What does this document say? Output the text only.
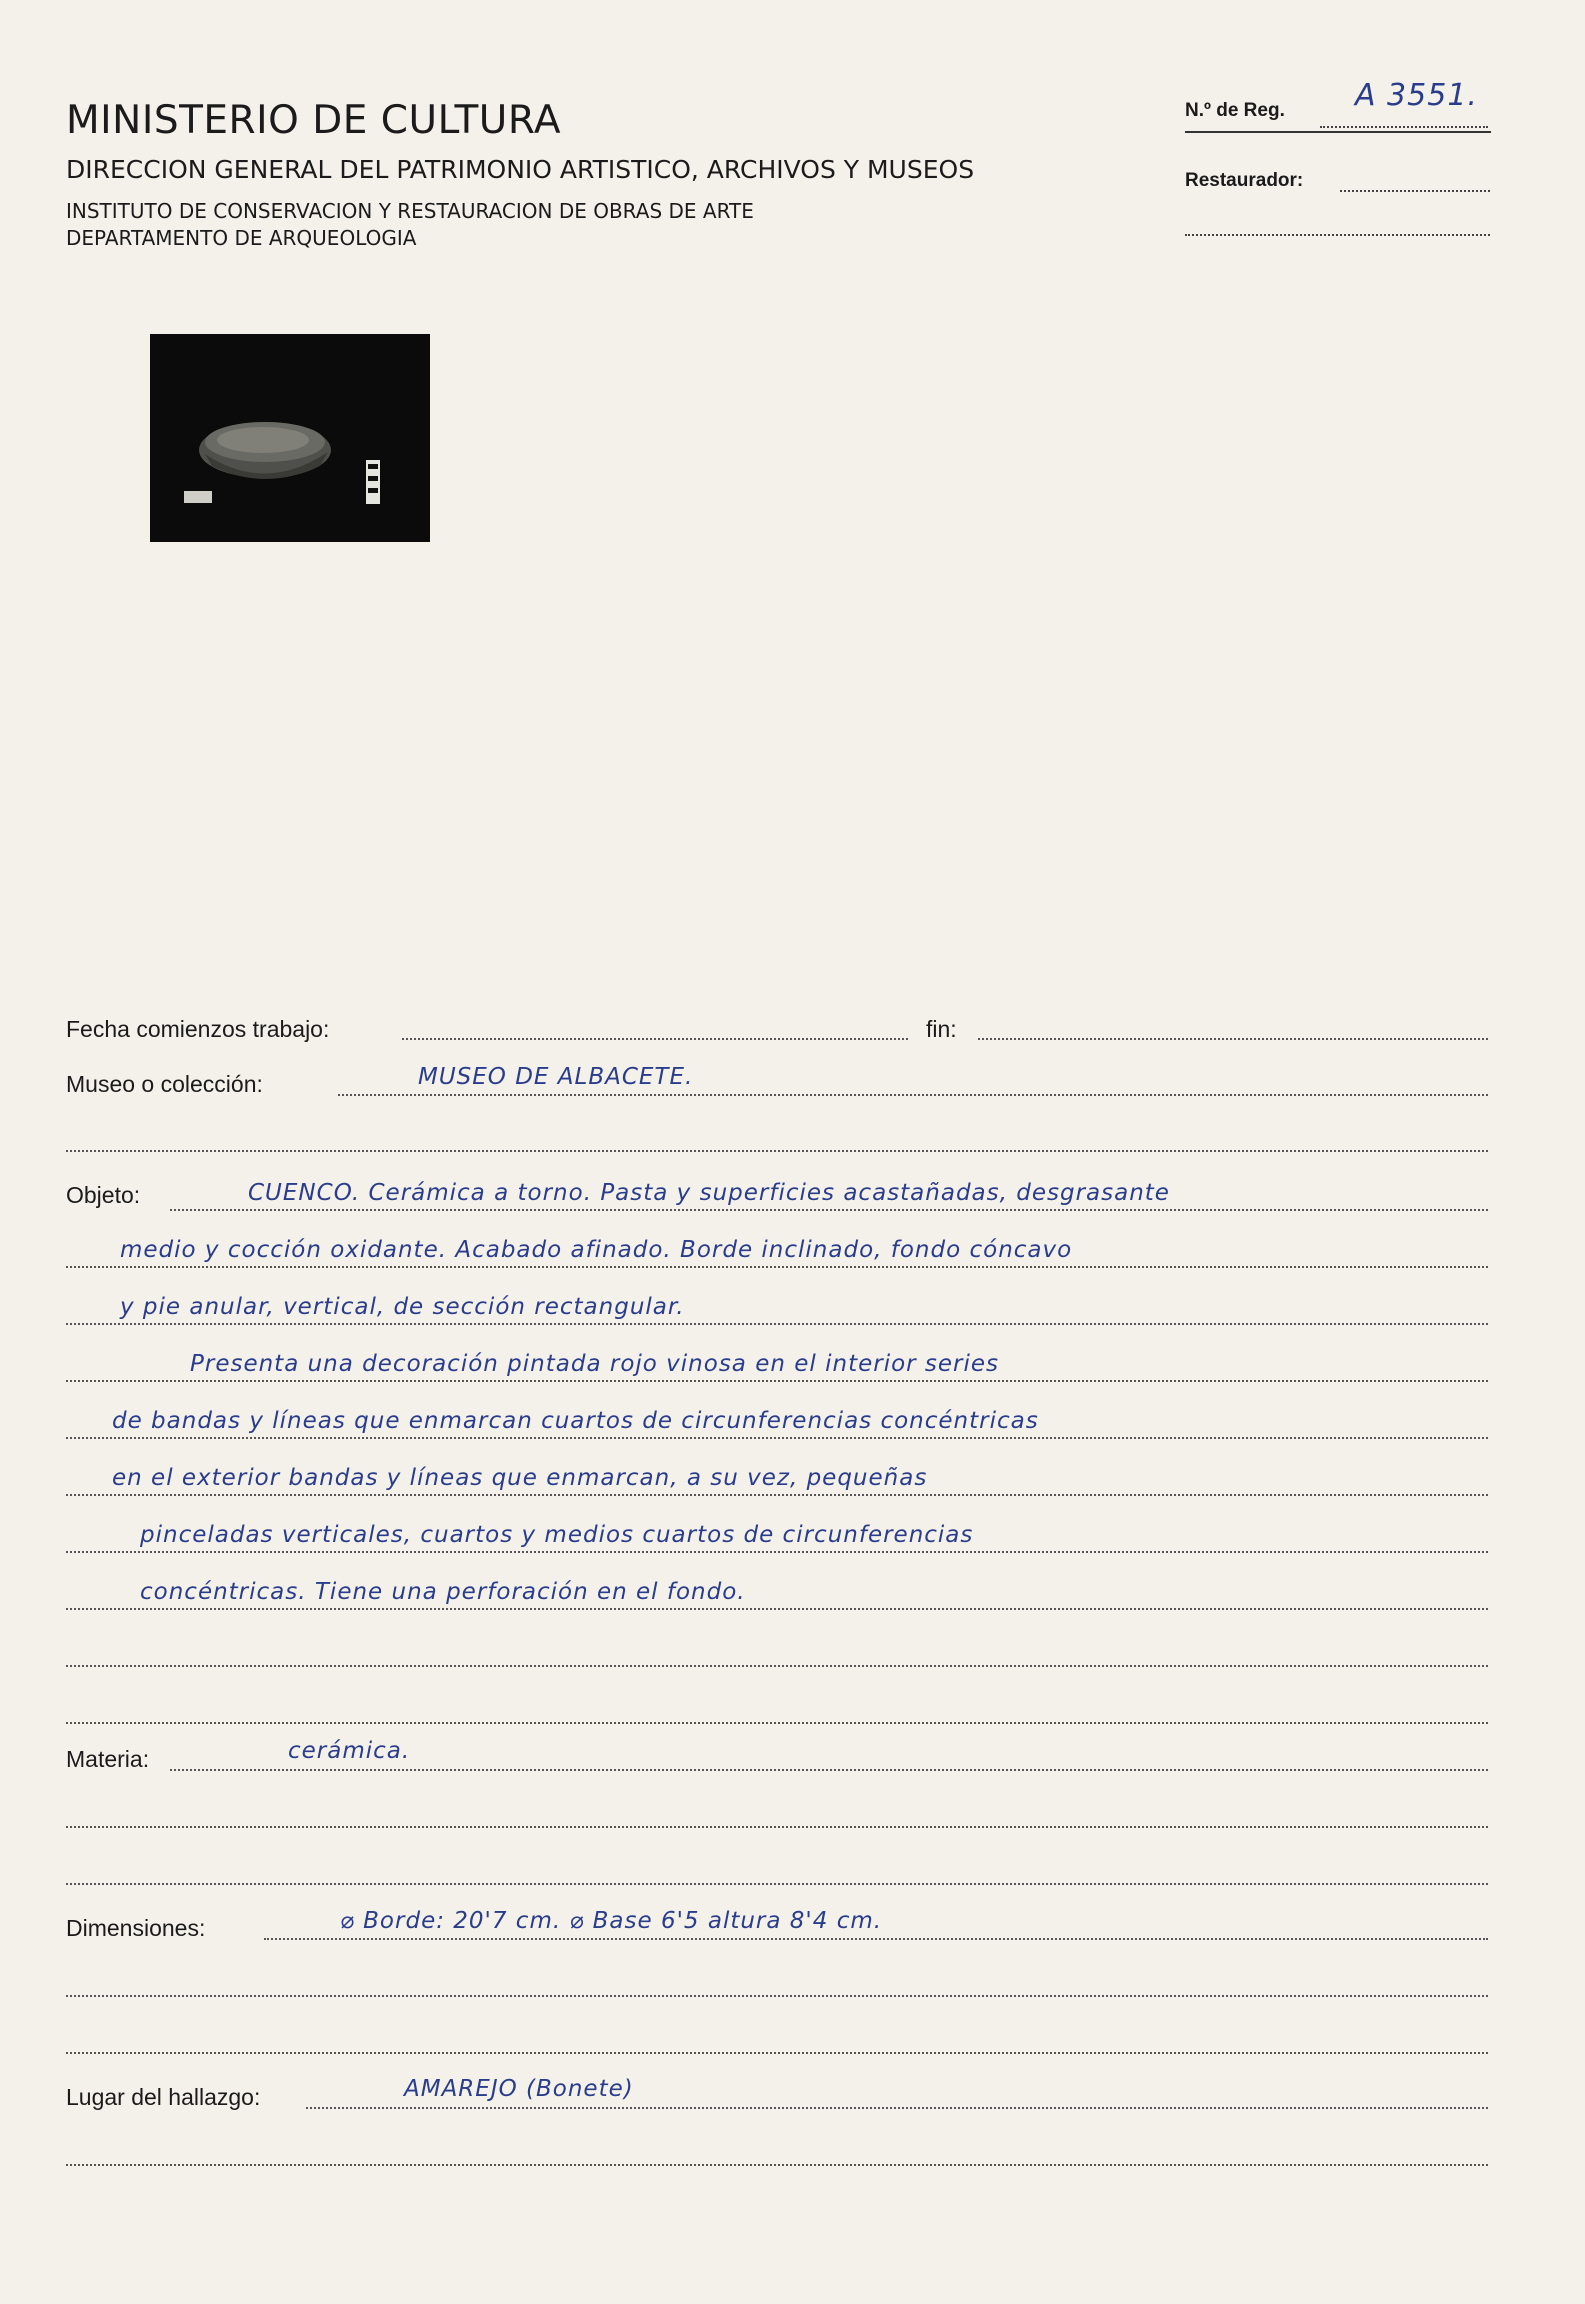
MINISTERIO DE CULTURA
DIRECCION GENERAL DEL PATRIMONIO ARTISTICO, ARCHIVOS Y MUSEOS
INSTITUTO DE CONSERVACION Y RESTAURACION DE OBRAS DE ARTE
DEPARTAMENTO DE ARQUEOLOGIA
N.º de Reg. A 3551.
Restaurador:
Fecha comienzos trabajo:	fin:
Museo o colección:	MUSEO DE ALBACETE.
Objeto:	CUENCO. Cerámica a torno. Pasta y superficies acastañadas, desgrasante
medio y cocción oxidante. Acabado afinado. Borde inclinado, fondo cóncavo
y pie anular, vertical, de sección rectangular.
Presenta una decoración pintada rojo vinosa en el interior series
de bandas y líneas que enmarcan cuartos de circunferencias concéntricas
en el exterior bandas y líneas que enmarcan, a su vez, pequeñas
pinceladas verticales, cuartos y medios cuartos de circunferencias
concéntricas. Tiene una perforación en el fondo.
Materia:	cerámica.
Dimensiones:	⌀ Borde: 20'7 cm. ⌀ Base 6'5 altura 8'4 cm.
Lugar del hallazgo:	AMAREJO (Bonete)
